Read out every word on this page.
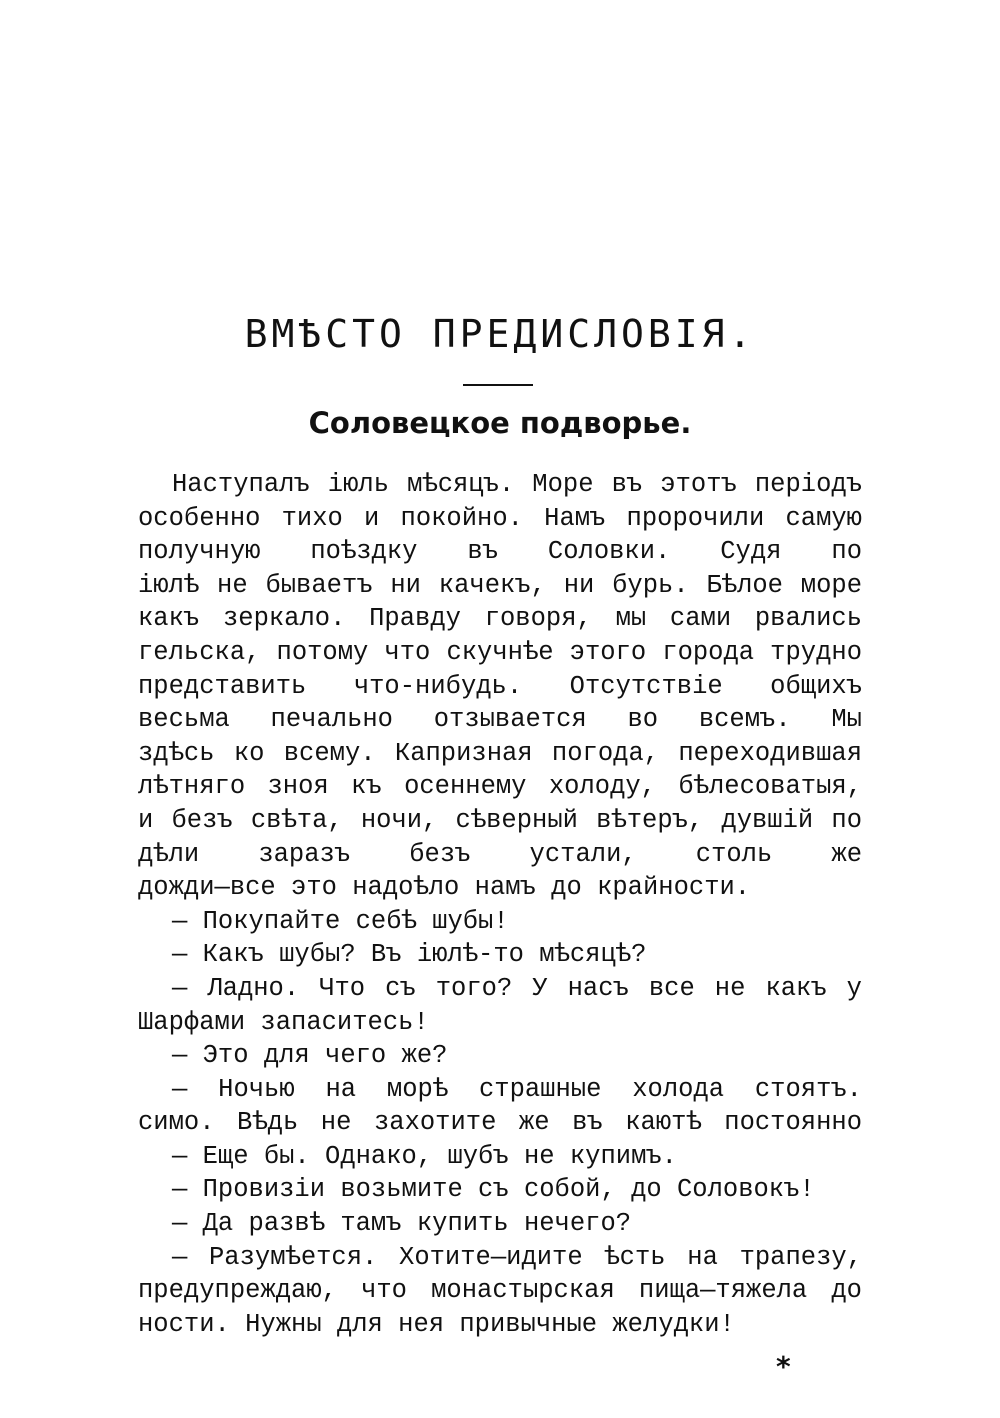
ВМѢСТО ПРЕДИСЛОВІЯ.
Соловецкое подворье.
Наступалъ іюль мѣсяцъ. Море въ этотъ періодъ
особенно тихо и покойно. Намъ пророчили самую
получную поѣздку въ Соловки. Судя по
іюлѣ не бываетъ ни качекъ, ни бурь. Бѣлое море
какъ зеркало. Правду говоря, мы сами рвались
гельска, потому что скучнѣе этого города трудно
представить что-нибудь. Отсутствіе общихъ
весьма печально отзывается во всемъ. Мы
здѣсь ко всему. Капризная погода, переходившая
лѣтняго зноя къ осеннему холоду, бѣлесоватыя,
и безъ свѣта, ночи, сѣверный вѣтеръ, дувшій по
дѣли заразъ безъ устали, столь же
дожди—все это надоѣло намъ до крайности.
— Покупайте себѣ шубы!
— Какъ шубы? Въ іюлѣ-то мѣсяцѣ?
— Ладно. Что съ того? У насъ все не какъ у
Шарфами запаситесь!
— Это для чего же?
— Ночью на морѣ страшные холода стоятъ.
симо. Вѣдь не захотите же въ каютѣ постоянно
— Еще бы. Однако, шубъ не купимъ.
— Провизіи возьмите съ собой, до Соловокъ!
— Да развѣ тамъ купить нечего?
— Разумѣется. Хотите—идите ѣсть на трапезу,
предупреждаю, что монастырская пища—тяжела до
ности. Нужны для нея привычные желудки!
*
